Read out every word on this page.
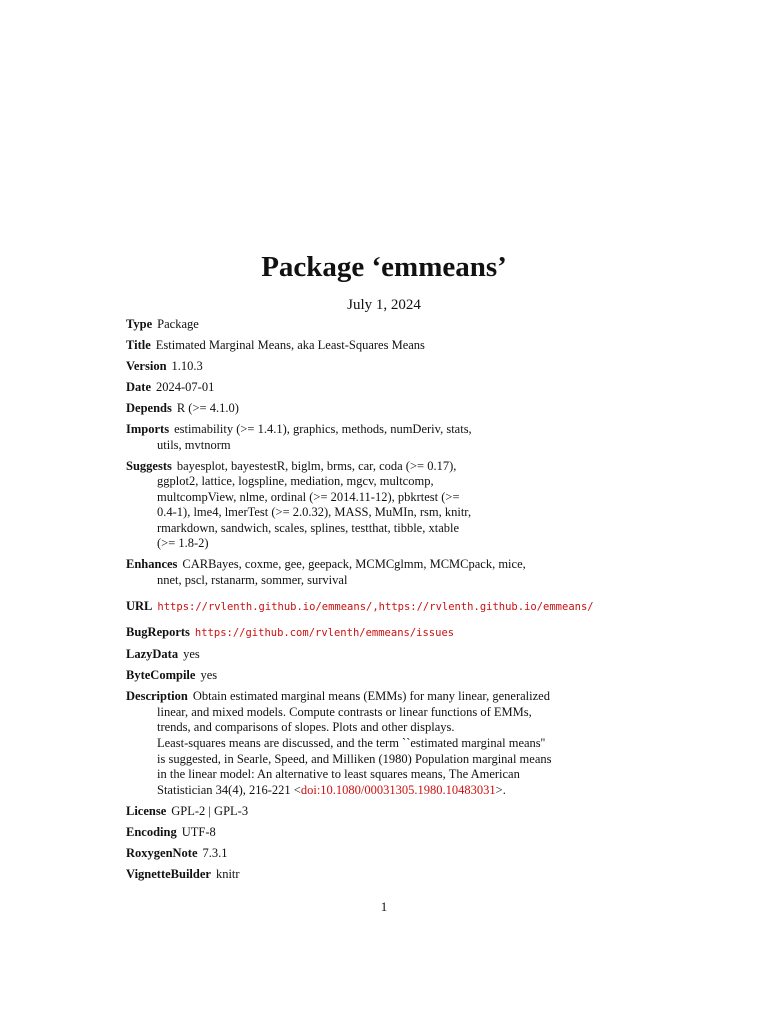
Package ‘emmeans’
July 1, 2024
Type Package
Title Estimated Marginal Means, aka Least-Squares Means
Version 1.10.3
Date 2024-07-01
Depends R (>= 4.1.0)
Imports estimability (>= 1.4.1), graphics, methods, numDeriv, stats,
utils, mvtnorm
Suggests bayesplot, bayestestR, biglm, brms, car, coda (>= 0.17),
ggplot2, lattice, logspline, mediation, mgcv, multcomp,
multcompView, nlme, ordinal (>= 2014.11-12), pbkrtest (>=
0.4-1), lme4, lmerTest (>= 2.0.32), MASS, MuMIn, rsm, knitr,
rmarkdown, sandwich, scales, splines, testthat, tibble, xtable
(>= 1.8-2)
Enhances CARBayes, coxme, gee, geepack, MCMCglmm, MCMCpack, mice,
nnet, pscl, rstanarm, sommer, survival
URL https://rvlenth.github.io/emmeans/,https://rvlenth.github.io/emmeans/
BugReports https://github.com/rvlenth/emmeans/issues
LazyData yes
ByteCompile yes
Description Obtain estimated marginal means (EMMs) for many linear, generalized
linear, and mixed models. Compute contrasts or linear functions of EMMs,
trends, and comparisons of slopes. Plots and other displays.
Least-squares means are discussed, and the term ``estimated marginal means''
is suggested, in Searle, Speed, and Milliken (1980) Population marginal means
in the linear model: An alternative to least squares means, The American
Statistician 34(4), 216-221 <doi:10.1080/00031305.1980.10483031>.
License GPL-2 | GPL-3
Encoding UTF-8
RoxygenNote 7.3.1
VignetteBuilder knitr
1
